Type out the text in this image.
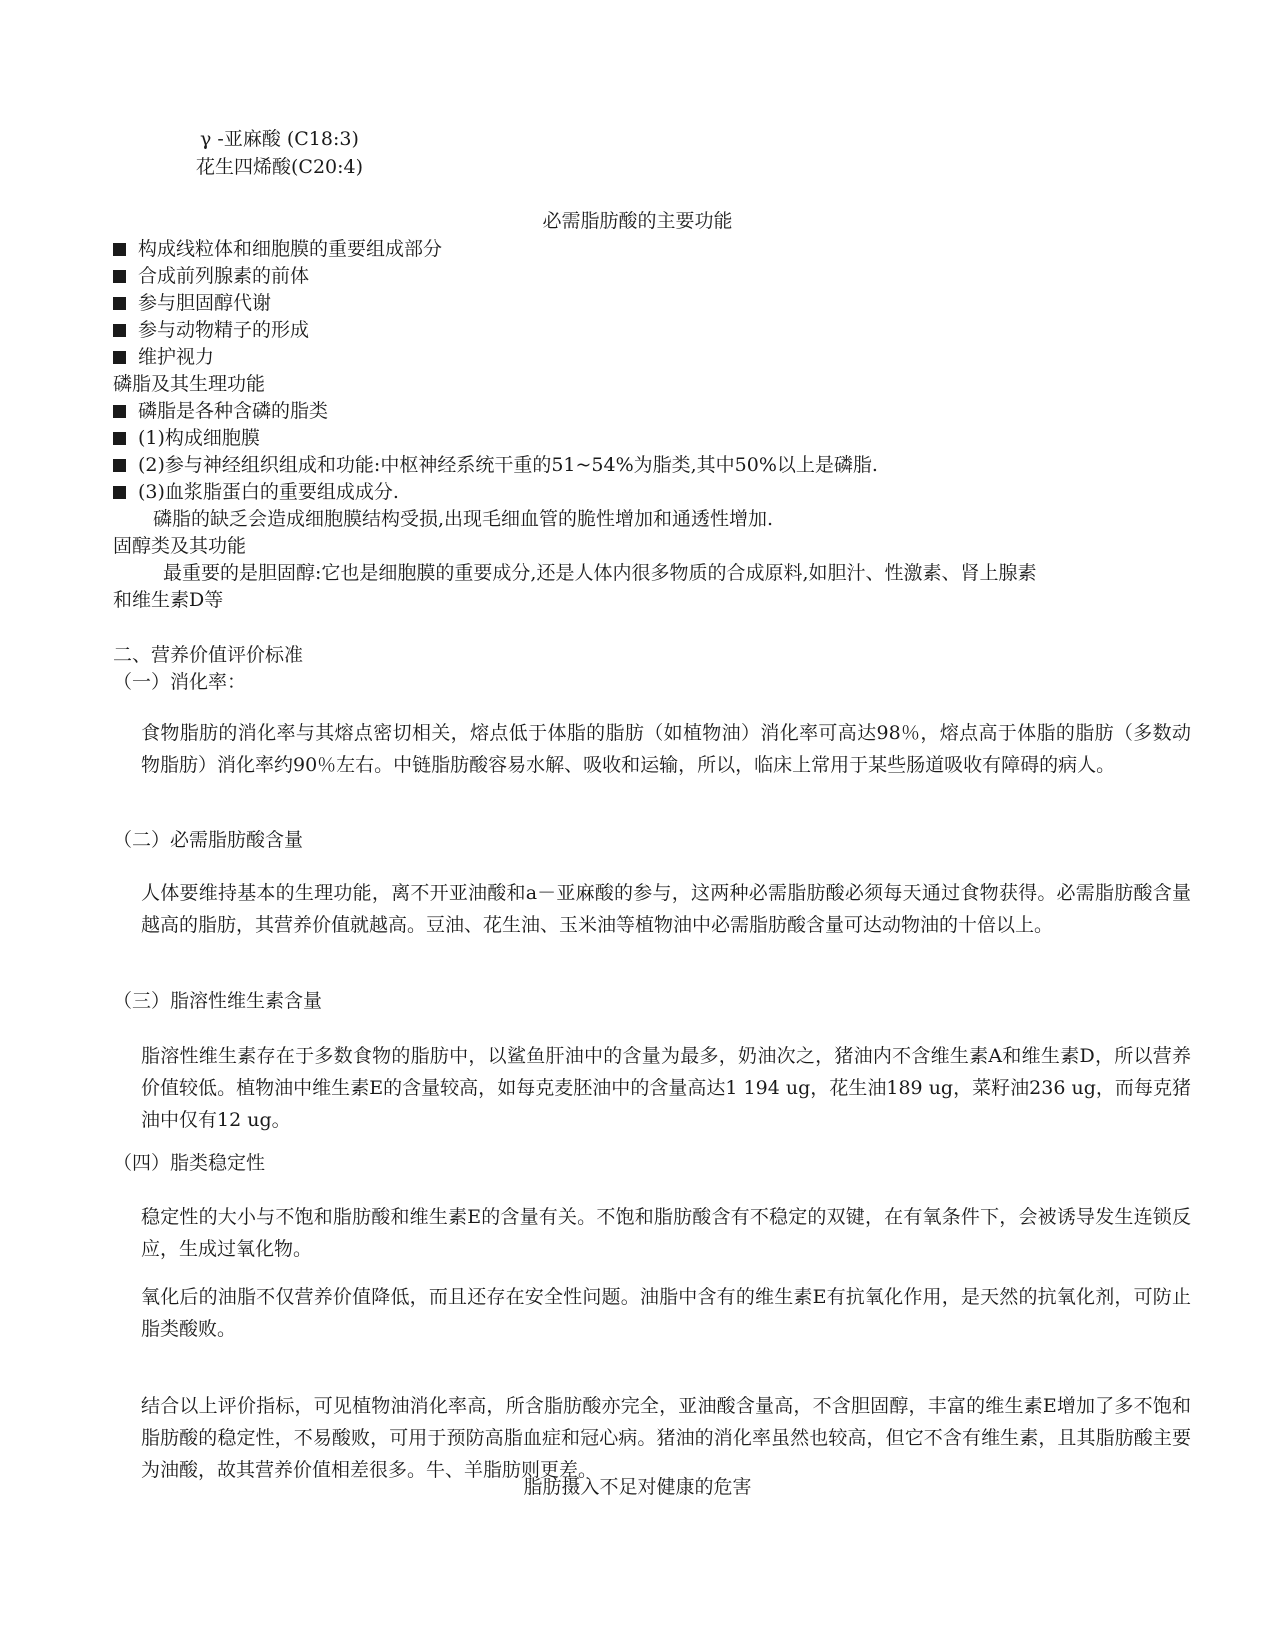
γ -亚麻酸 (C18:3)
花生四烯酸(C20:4)
必需脂肪酸的主要功能
构成线粒体和细胞膜的重要组成部分
合成前列腺素的前体
参与胆固醇代谢
参与动物精子的形成
维护视力
磷脂及其生理功能
磷脂是各种含磷的脂类
(1)构成细胞膜
(2)参与神经组织组成和功能:中枢神经系统干重的51~54%为脂类,其中50%以上是磷脂.
(3)血浆脂蛋白的重要组成成分.
磷脂的缺乏会造成细胞膜结构受损,出现毛细血管的脆性增加和通透性增加.
固醇类及其功能
最重要的是胆固醇:它也是细胞膜的重要成分,还是人体内很多物质的合成原料,如胆汁、性激素、肾上腺素
和维生素D等
二、营养价值评价标准
（一）消化率：
食物脂肪的消化率与其熔点密切相关，熔点低于体脂的脂肪（如植物油）消化率可高达98％，熔点高于体脂的脂肪（多数动物脂肪）消化率约90％左右。中链脂肪酸容易水解、吸收和运输，所以，临床上常用于某些肠道吸收有障碍的病人。
（二）必需脂肪酸含量
人体要维持基本的生理功能，离不开亚油酸和a－亚麻酸的参与，这两种必需脂肪酸必须每天通过食物获得。必需脂肪酸含量越高的脂肪，其营养价值就越高。豆油、花生油、玉米油等植物油中必需脂肪酸含量可达动物油的十倍以上。
（三）脂溶性维生素含量
脂溶性维生素存在于多数食物的脂肪中，以鲨鱼肝油中的含量为最多，奶油次之，猪油内不含维生素A和维生素D，所以营养价值较低。植物油中维生素E的含量较高，如每克麦胚油中的含量高达1 194 ug，花生油189 ug，菜籽油236 ug，而每克猪油中仅有12 ug。
（四）脂类稳定性
稳定性的大小与不饱和脂肪酸和维生素E的含量有关。不饱和脂肪酸含有不稳定的双键，在有氧条件下，会被诱导发生连锁反应，生成过氧化物。
氧化后的油脂不仅营养价值降低，而且还存在安全性问题。油脂中含有的维生素E有抗氧化作用，是天然的抗氧化剂，可防止脂类酸败。
结合以上评价指标，可见植物油消化率高，所含脂肪酸亦完全，亚油酸含量高，不含胆固醇，丰富的维生素E增加了多不饱和脂肪酸的稳定性，不易酸败，可用于预防高脂血症和冠心病。猪油的消化率虽然也较高，但它不含有维生素，且其脂肪酸主要为油酸，故其营养价值相差很多。牛、羊脂肪则更差。
脂肪摄入不足对健康的危害
